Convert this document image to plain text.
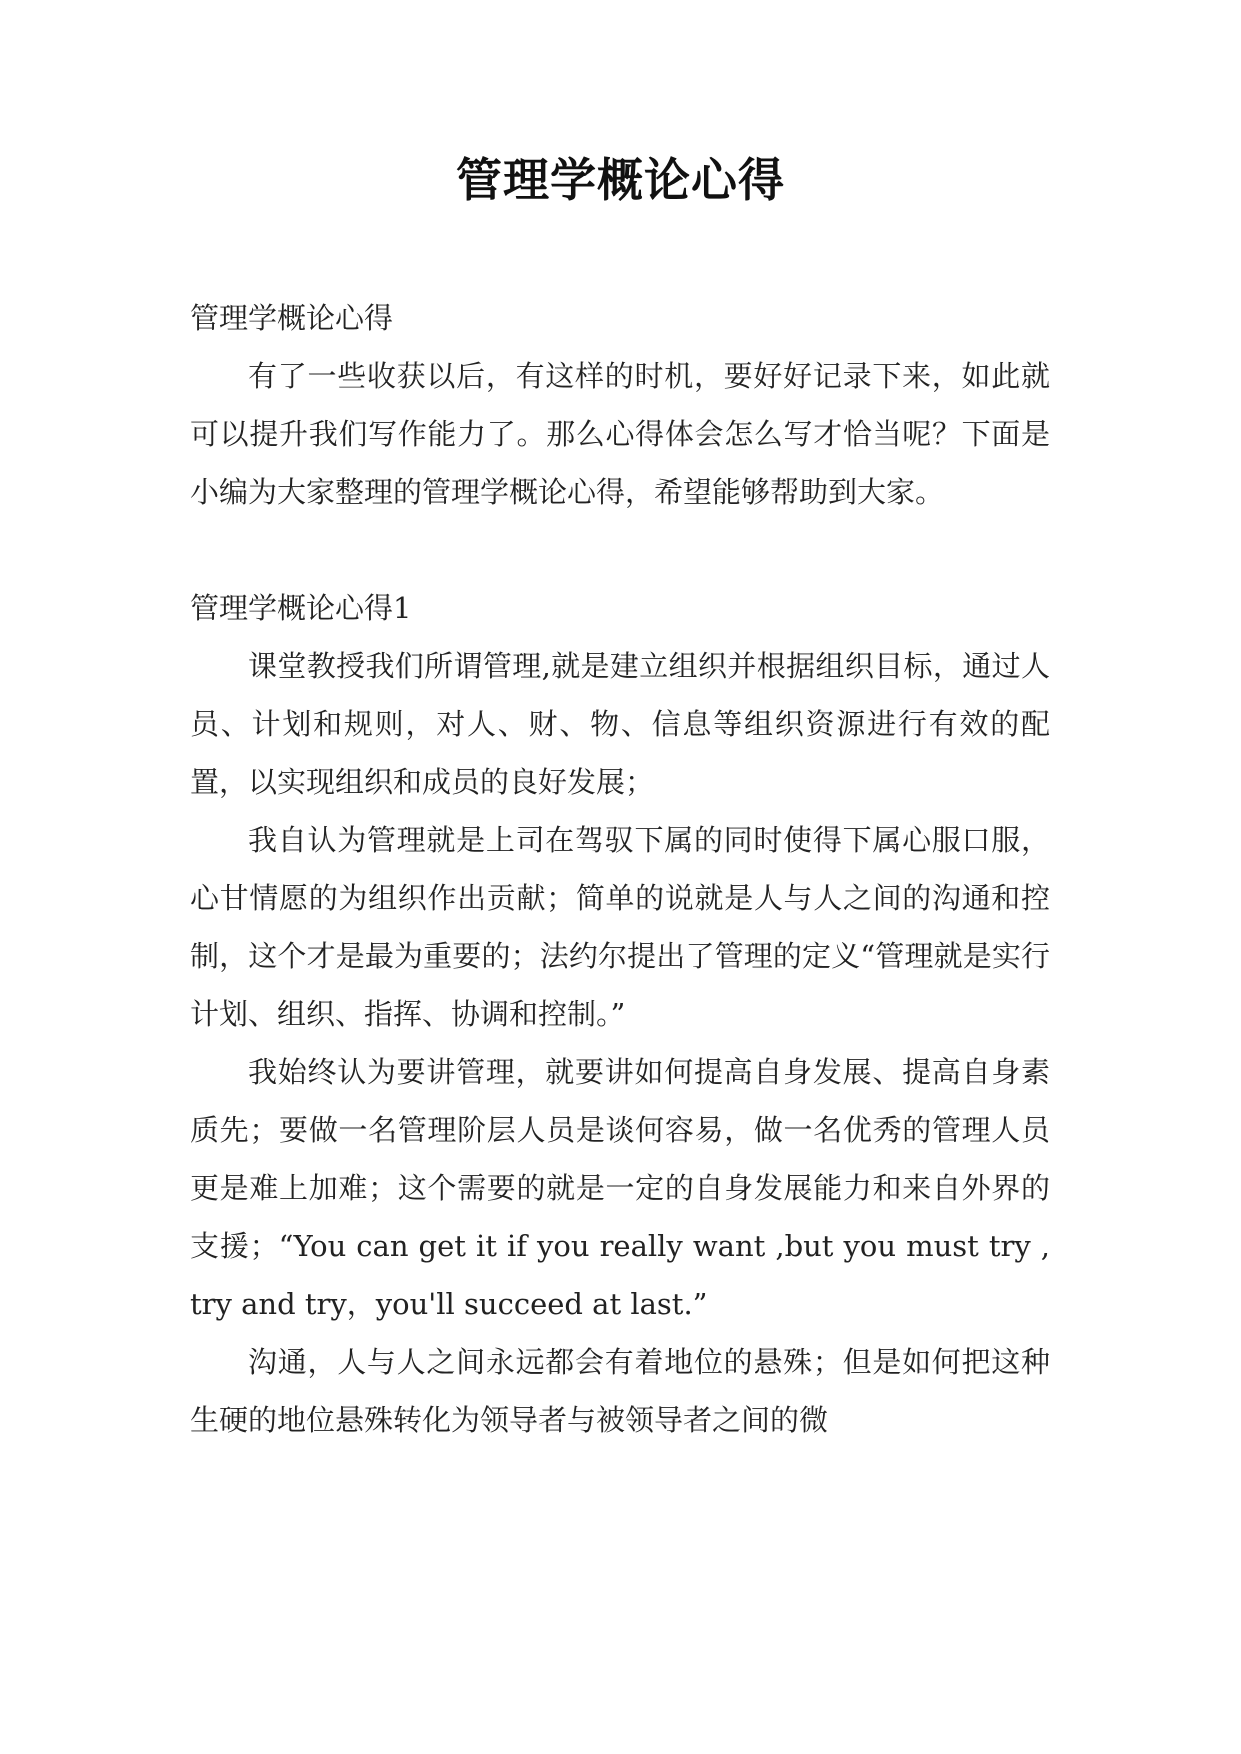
管理学概论心得

管理学概论心得

有了一些收获以后，有这样的时机，要好好记录下来，如此就可以提升我们写作能力了。那么心得体会怎么写才恰当呢？下面是小编为大家整理的管理学概论心得，希望能够帮助到大家。

管理学概论心得1

课堂教授我们所谓管理,就是建立组织并根据组织目标，通过人员、计划和规则，对人、财、物、信息等组织资源进行有效的配置，以实现组织和成员的良好发展；

我自认为管理就是上司在驾驭下属的同时使得下属心服口服，心甘情愿的为组织作出贡献；简单的说就是人与人之间的沟通和控制，这个才是最为重要的；法约尔提出了管理的定义“管理就是实行计划、组织、指挥、协调和控制。”

我始终认为要讲管理，就要讲如何提高自身发展、提高自身素质先；要做一名管理阶层人员是谈何容易，做一名优秀的管理人员更是难上加难；这个需要的就是一定的自身发展能力和来自外界的支援；“You can get it if you really want ,but you must try ,try and try，you'll succeed at last.”

沟通，人与人之间永远都会有着地位的悬殊；但是如何把这种生硬的地位悬殊转化为领导者与被领导者之间的微
